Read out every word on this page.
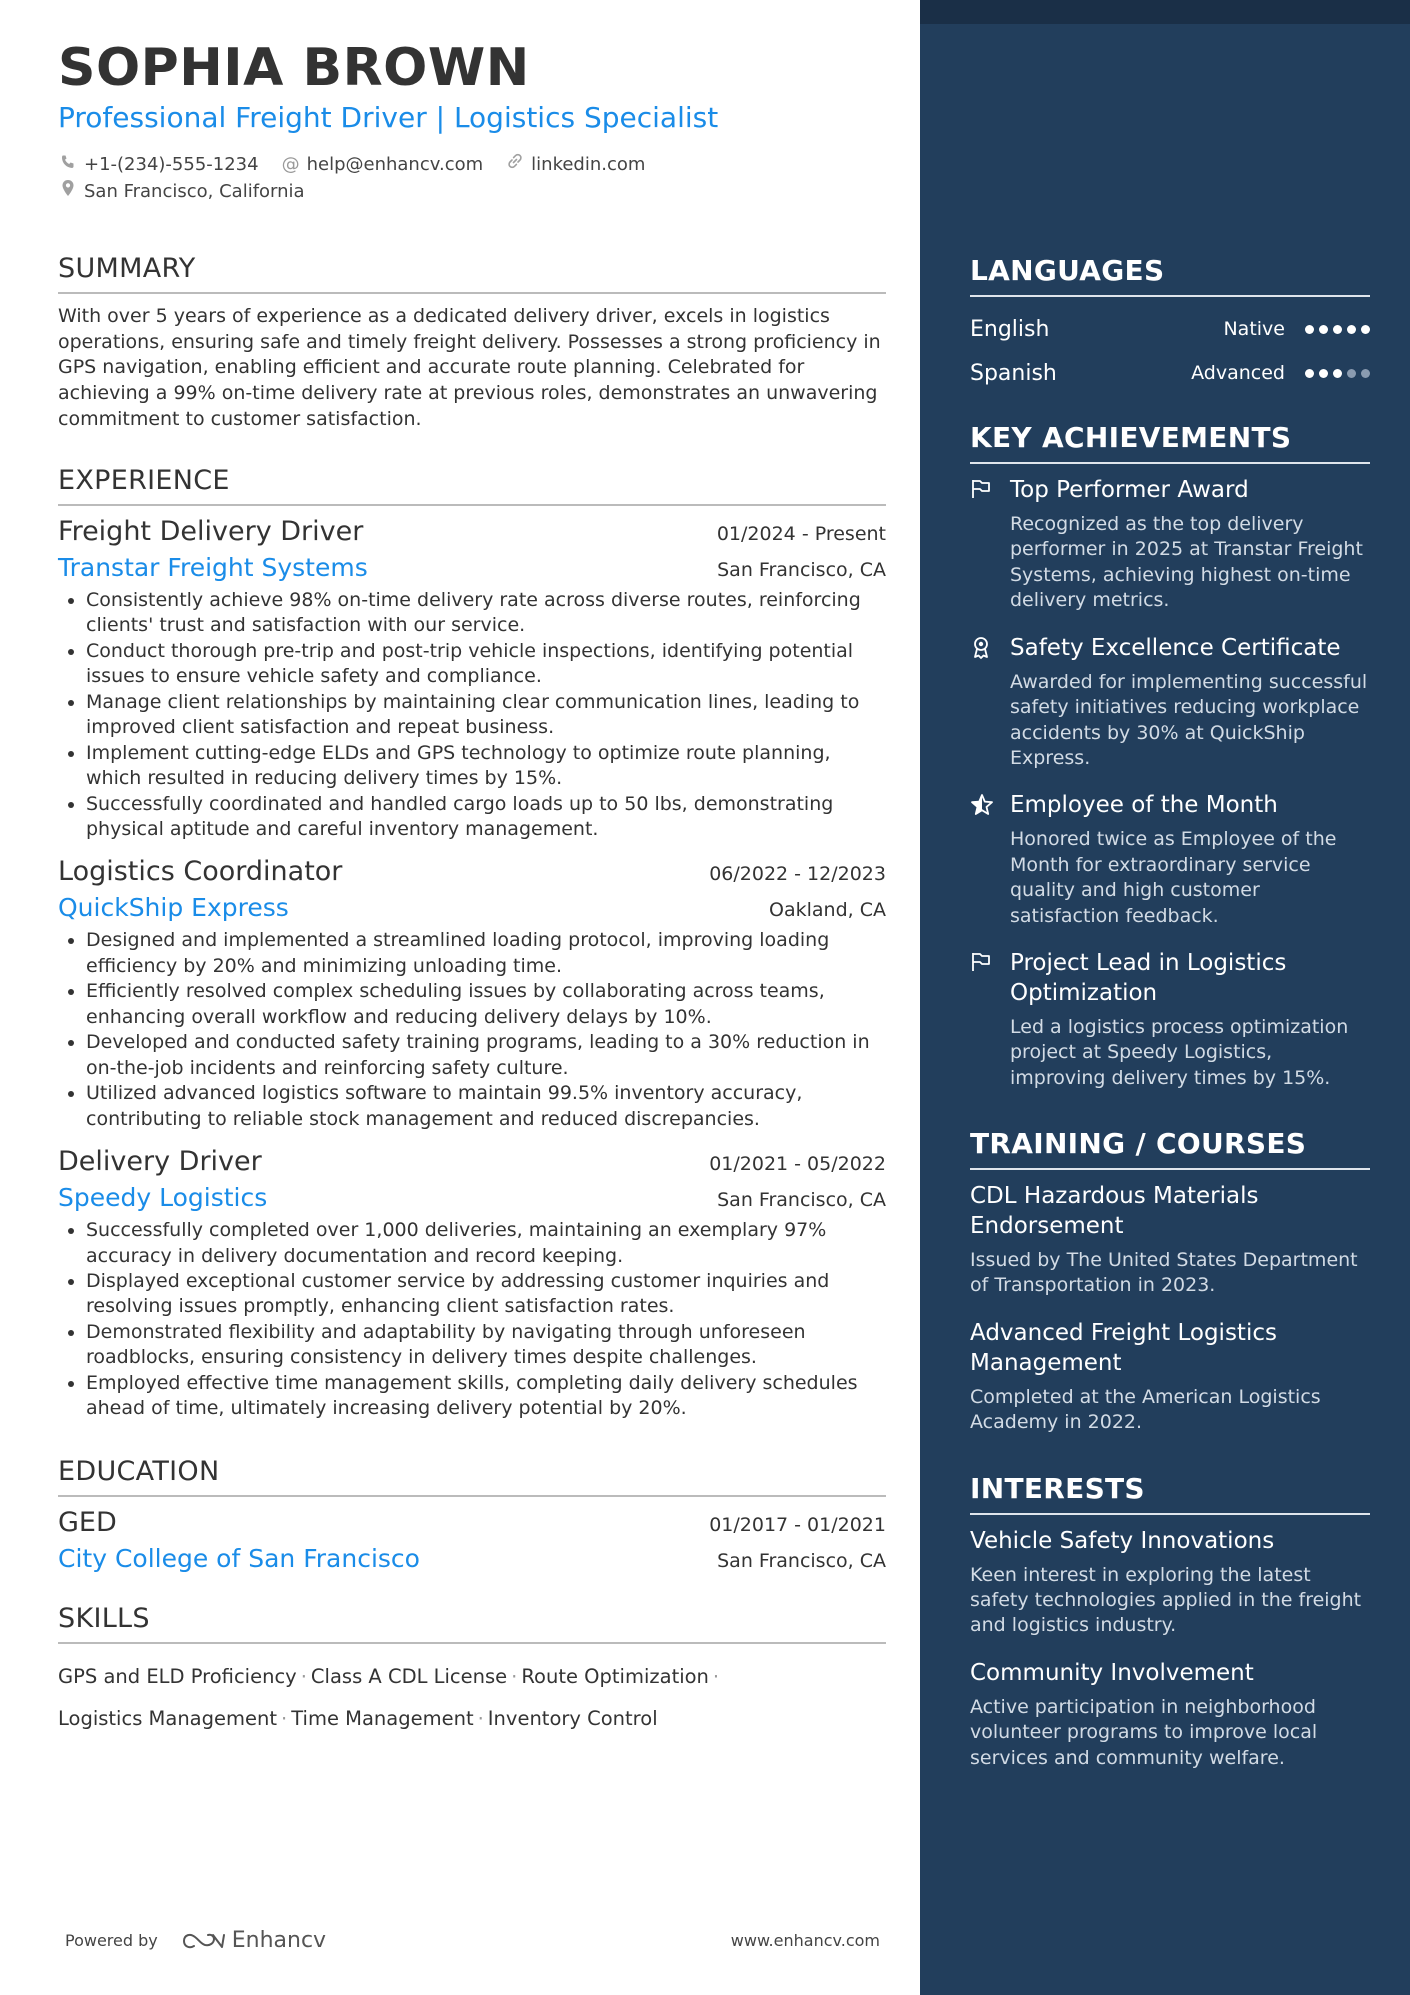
SOPHIA BROWN
Professional Freight Driver | Logistics Specialist
+1-(234)-555-1234 @ help@enhancv.com	linkedin.com
San Francisco, California
SUMMARY
With over 5 years of experience as a dedicated delivery driver, excels in logistics operations, ensuring safe and timely freight delivery. Possesses a strong proficiency in GPS navigation, enabling efficient and accurate route planning. Celebrated for achieving a 99% on-time delivery rate at previous roles, demonstrates an unwavering commitment to customer satisfaction.
EXPERIENCE
Freight Delivery Driver	01/2024 - Present
Transtar Freight Systems	San Francisco, CA
• Consistently achieve 98% on-time delivery rate across diverse routes, reinforcing clients' trust and satisfaction with our service.
• Conduct thorough pre-trip and post-trip vehicle inspections, identifying potential issues to ensure vehicle safety and compliance.
• Manage client relationships by maintaining clear communication lines, leading to improved client satisfaction and repeat business.
• Implement cutting-edge ELDs and GPS technology to optimize route planning, which resulted in reducing delivery times by 15%.
• Successfully coordinated and handled cargo loads up to 50 lbs, demonstrating physical aptitude and careful inventory management.
Logistics Coordinator	06/2022 - 12/2023
QuickShip Express	Oakland, CA
• Designed and implemented a streamlined loading protocol, improving loading efficiency by 20% and minimizing unloading time.
• Efficiently resolved complex scheduling issues by collaborating across teams, enhancing overall workflow and reducing delivery delays by 10%.
• Developed and conducted safety training programs, leading to a 30% reduction in on-the-job incidents and reinforcing safety culture.
• Utilized advanced logistics software to maintain 99.5% inventory accuracy, contributing to reliable stock management and reduced discrepancies.
Delivery Driver	01/2021 - 05/2022
Speedy Logistics	San Francisco, CA
• Successfully completed over 1,000 deliveries, maintaining an exemplary 97% accuracy in delivery documentation and record keeping.
• Displayed exceptional customer service by addressing customer inquiries and resolving issues promptly, enhancing client satisfaction rates.
• Demonstrated flexibility and adaptability by navigating through unforeseen roadblocks, ensuring consistency in delivery times despite challenges.
• Employed effective time management skills, completing daily delivery schedules ahead of time, ultimately increasing delivery potential by 20%.
EDUCATION
GED	01/2017 - 01/2021
City College of San Francisco	San Francisco, CA
SKILLS
GPS and ELD Proficiency · Class A CDL License · Route Optimization ·
Logistics Management · Time Management · Inventory Control
Powered by	Enhancv	www.enhancv.com
LANGUAGES
English	Native
Spanish	Advanced
KEY ACHIEVEMENTS
Top Performer Award
Recognized as the top delivery performer in 2025 at Transtar Freight Systems, achieving highest on-time delivery metrics.
Safety Excellence Certificate
Awarded for implementing successful safety initiatives reducing workplace accidents by 30% at QuickShip Express.
Employee of the Month
Honored twice as Employee of the Month for extraordinary service quality and high customer satisfaction feedback.
Project Lead in Logistics Optimization
Led a logistics process optimization project at Speedy Logistics, improving delivery times by 15%.
TRAINING / COURSES
CDL Hazardous Materials Endorsement
Issued by The United States Department of Transportation in 2023.
Advanced Freight Logistics Management
Completed at the American Logistics Academy in 2022.
INTERESTS
Vehicle Safety Innovations
Keen interest in exploring the latest safety technologies applied in the freight and logistics industry.
Community Involvement
Active participation in neighborhood volunteer programs to improve local services and community welfare.
